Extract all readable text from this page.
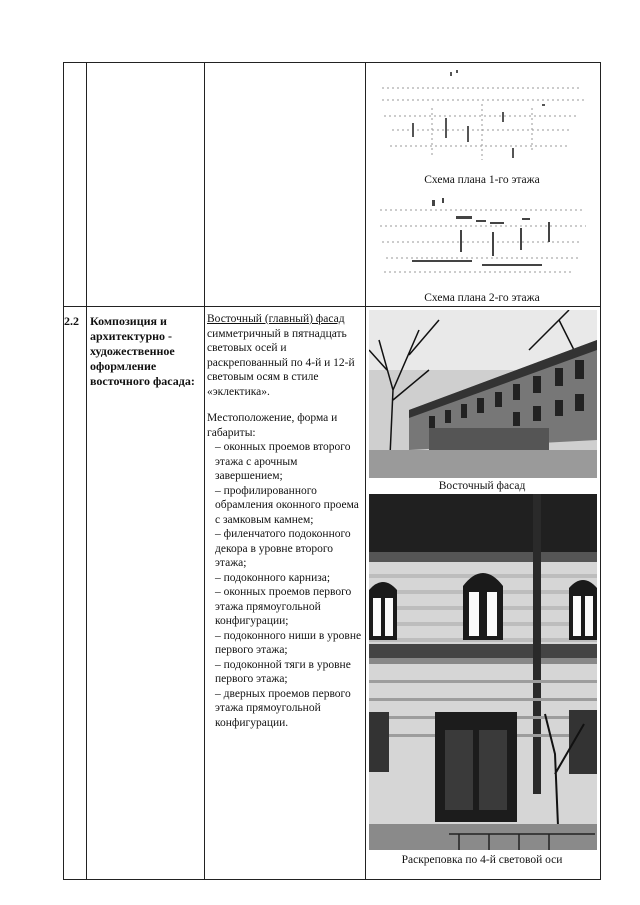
Схема плана 1-го этажа
Схема плана 2-го этажа
2.2 Композиция и архитектурно - художественное оформление восточного фасада:

Восточный (главный) фасад симметричный в пятнадцать световых осей и раскрепованный по 4-й и 12-й световым осям в стиле «эклектика».

Местоположение, форма и габариты:
– оконных проемов второго этажа с арочным завершением;
– профилированного обрамления оконного проема с замковым камнем;
– филенчатого подоконного декора в уровне второго этажа;
– подоконного карниза;
– оконных проемов первого этажа прямоугольной конфигурации;
– подоконного ниши в уровне первого этажа;
– подоконной тяги в уровне первого этажа;
– дверных проемов первого этажа прямоугольной конфигурации.
Восточный фасад
Раскреповка по 4-й световой оси
